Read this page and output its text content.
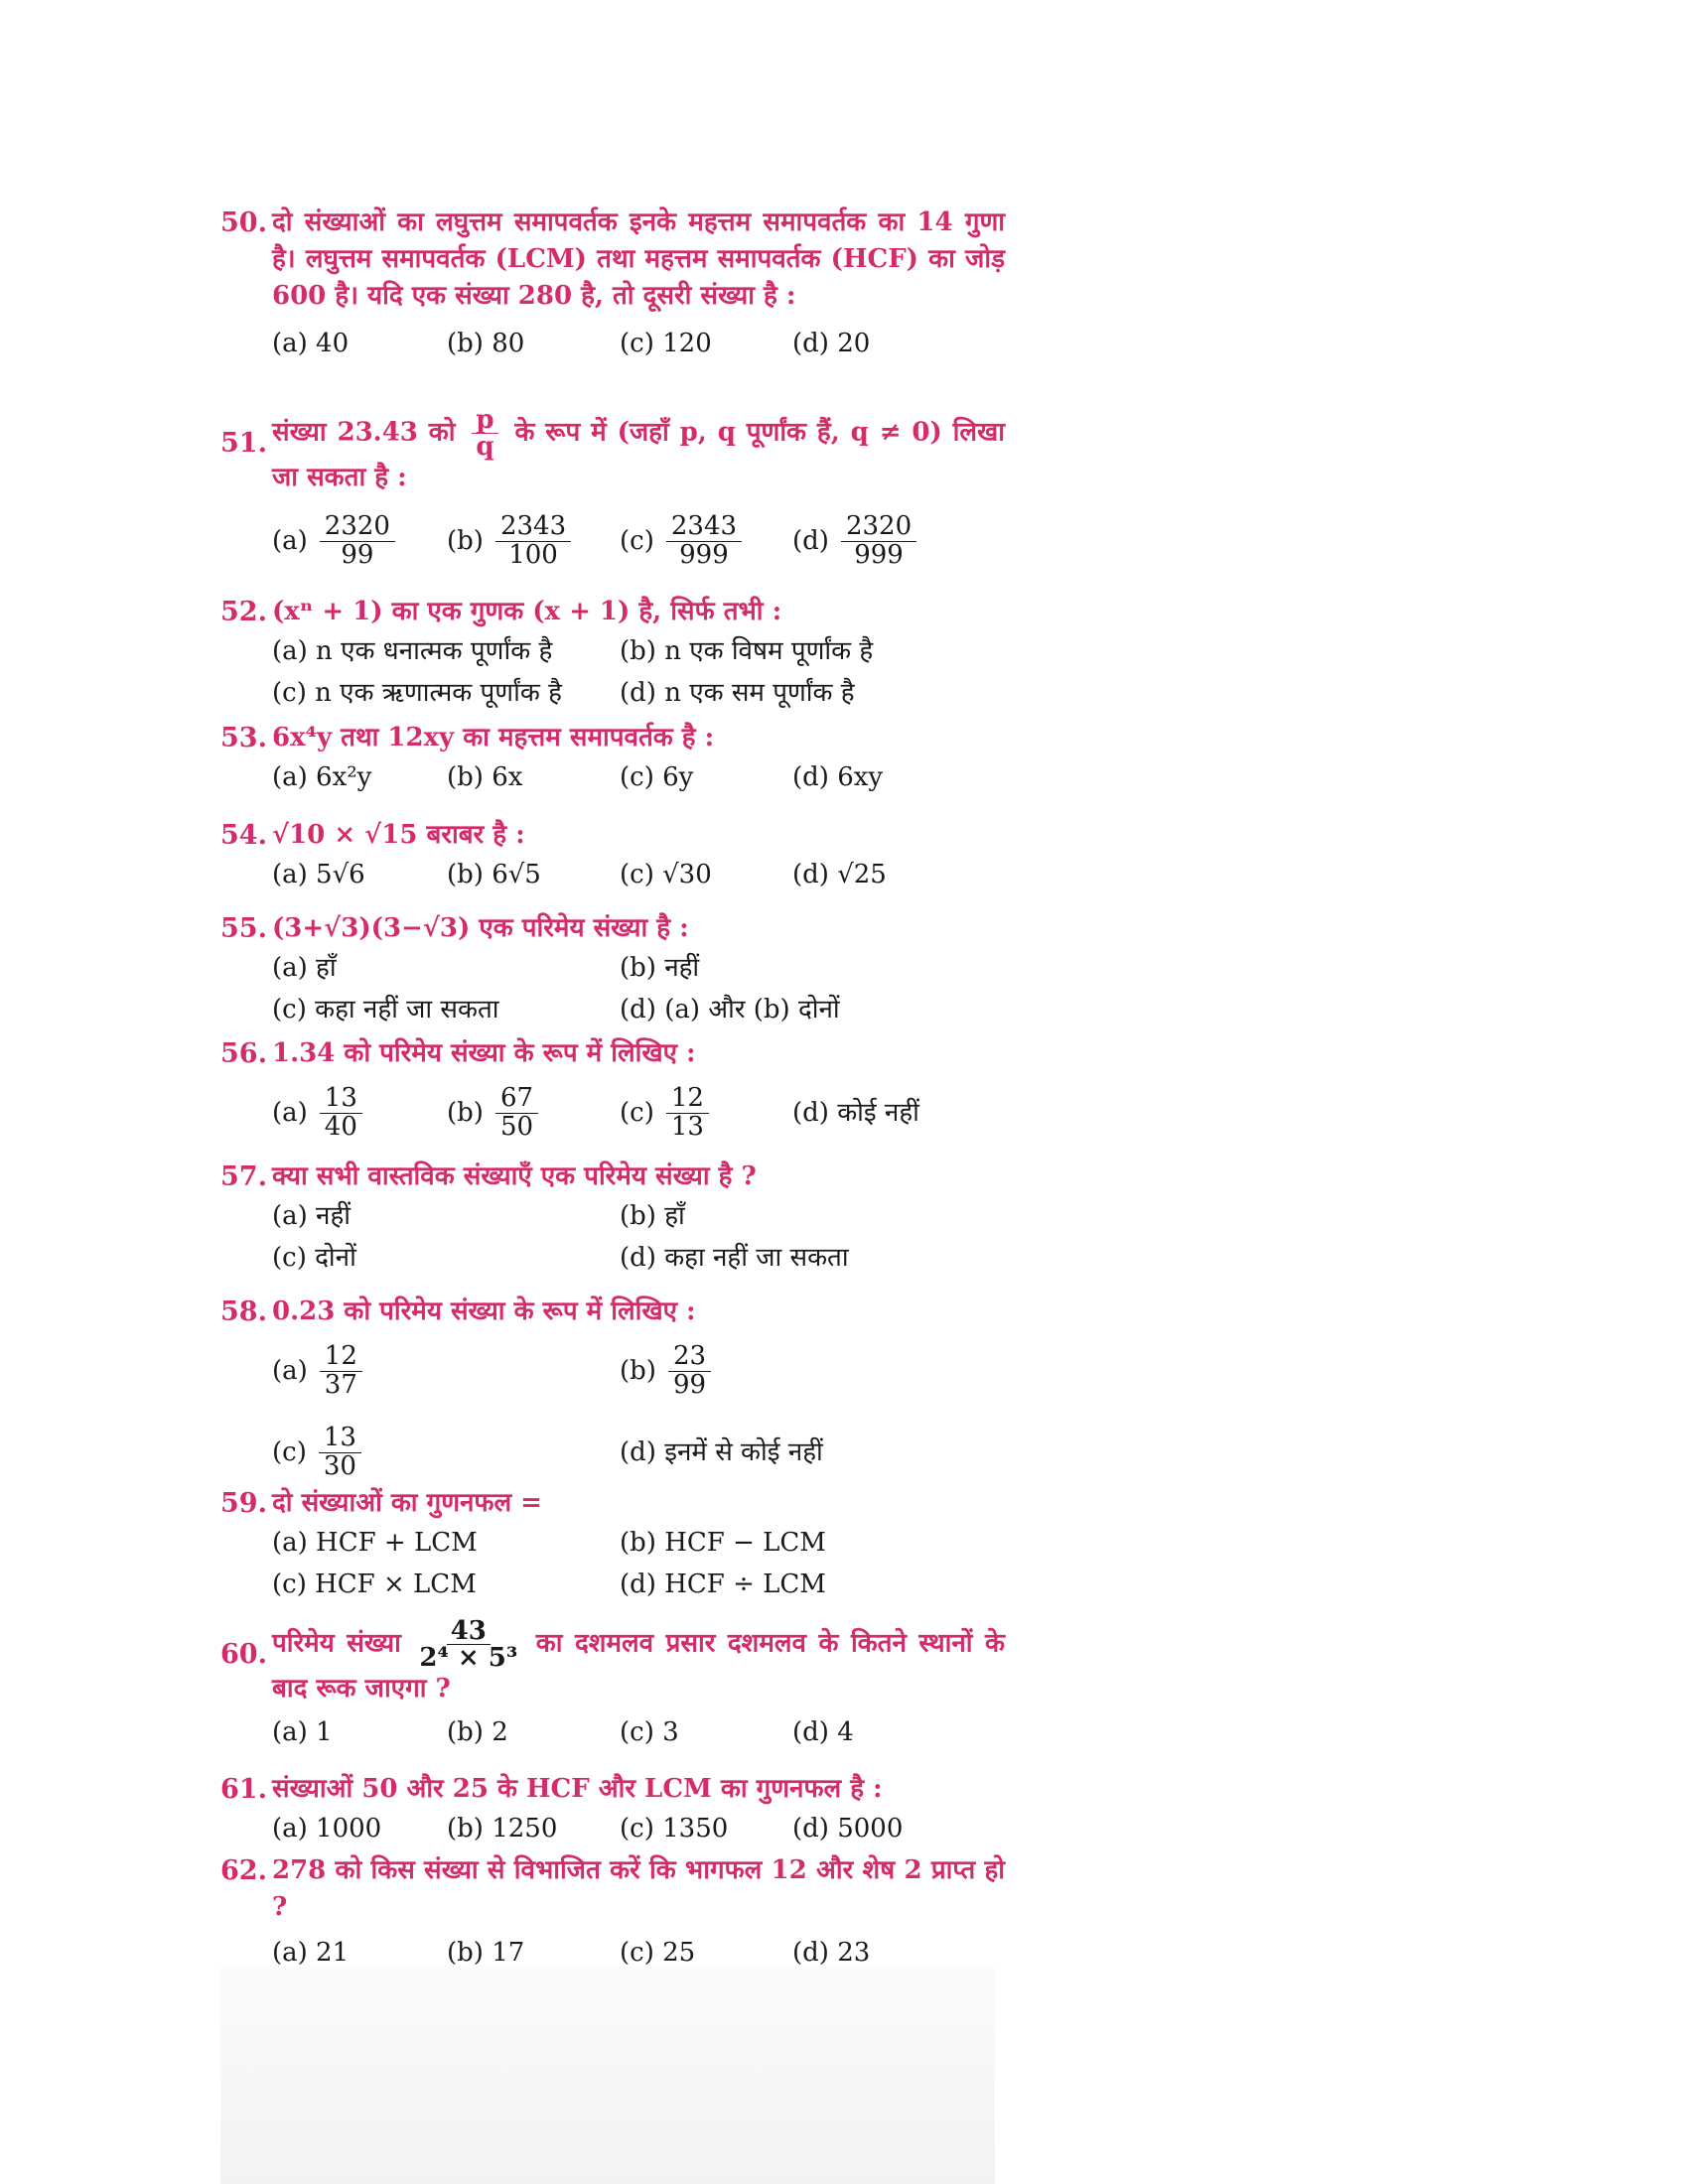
50. दो संख्याओं का लघुत्तम समापवर्तक इनके महत्तम समापवर्तक का 14 गुणा है। लघुत्तम समापवर्तक (LCM) तथा महत्तम समापवर्तक (HCF) का जोड़ 600 है। यदि एक संख्या 280 है, तो दूसरी संख्या है :
(a) 40	(b) 80	(c) 120	(d) 20
51. संख्या 23.43 को $\frac{p}{q}$ के रूप में (जहाँ p, q पूर्णांक हैं, q ≠ 0) लिखा जा सकता है :
$(a) \frac{2320}{99} (b) \frac{2343}{100} (c) \frac{2343}{999} (d) \frac{2320}{999}$
52. (xⁿ + 1) का एक गुणक (x + 1) है, सिर्फ तभी :
(a) n एक धनात्मक पूर्णांक है	(b) n एक विषम पूर्णांक है
(c) n एक ऋणात्मक पूर्णांक है (d) n एक सम पूर्णांक है
53. 6x⁴y तथा 12xy का महत्तम समापवर्तक है :
(a) 6x²y	(b) 6x	(c) 6y	(d) 6xy
54. √10 × √15 बराबर है :
(a) 5√6	(b) 6√5	(c) √30	(d) √25
55. (3+√3)(3−√3) एक परिमेय संख्या है :
(a) हाँ	(b) नहीं
(c) कहा नहीं जा सकता	(d) (a) और (b) दोनों
56. 1.34 को परिमेय संख्या के रूप में लिखिए :
$(a) \frac{13}{40}$	$(b) \frac{67}{50}$	$(c) \frac{12}{13}$	(d) कोई नहीं
57. क्या सभी वास्तविक संख्याएँ एक परिमेय संख्या है ?
(a) नहीं	(b) हाँ
(c) दोनों	(d) कहा नहीं जा सकता
58. 0.23 को परिमेय संख्या के रूप में लिखिए :
$(a) \frac{12}{37}$	$(b) \frac{23}{99}$
$(c) \frac{13}{30}$	(d) इनमें से कोई नहीं
59. दो संख्याओं का गुणनफल =
(a) HCF + LCM	(b) HCF − LCM
(c) HCF × LCM	(d) HCF ÷ LCM
60. परिमेय संख्या $\frac{43}{\text{2⁴ × 5³}}$ का दशमलव प्रसार दशमलव के कितने स्थानों के बाद रूक जाएगा ?
(a) 1	(b) 2	(c) 3	(d) 4
61. संख्याओं 50 और 25 के HCF और LCM का गुणनफल है :
(a) 1000	(b) 1250 (c) 1350 (d) 5000
62. 278 को किस संख्या से विभाजित करें कि भागफल 12 और शेष 2 प्राप्त हो ?
(a) 21	(b) 17	(c) 25	(d) 23
